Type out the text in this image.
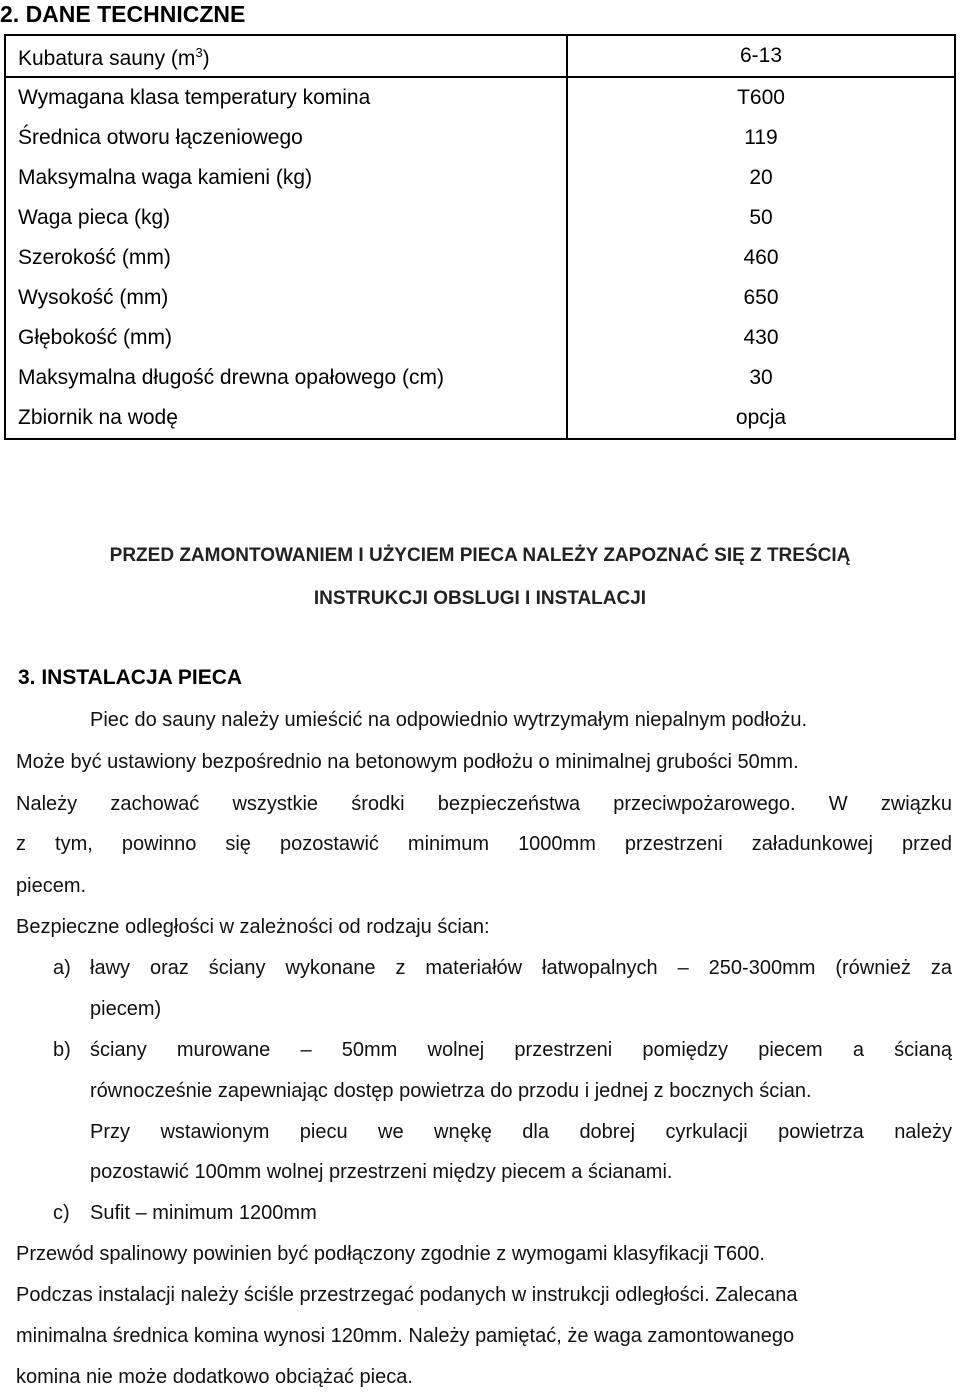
2. DANE TECHNICZNE
Kubatura sauny $(m^3)$	6-13
Wymagana klasa temperatury komina	T600
Średnica otworu łączeniowego	119
Maksymalna waga kamieni (kg)	20
Waga pieca (kg)	50
Szerokość (mm)	460
Wysokość (mm)	650
Głębokość (mm)	430
Maksymalna długość drewna opałowego (cm)	30
Zbiornik na wodę	opcja
PRZED ZAMONTOWANIEM I UŻYCIEM PIECA NALEŻY ZAPOZNAĆ SIĘ Z TREŚCIĄ
INSTRUKCJI OBSLUGI I INSTALACJI
3. INSTALACJA PIECA
Piec do sauny należy umieścić na odpowiednio wytrzymałym niepalnym podłożu.
Może być ustawiony bezpośrednio na betonowym podłożu o minimalnej grubości 50mm.
Należy zachować wszystkie środki bezpieczeństwa przeciwpożarowego. W związku
z tym, powinno się pozostawić minimum 1000mm przestrzeni załadunkowej przed
piecem.
Bezpieczne odległości w zależności od rodzaju ścian:
a) ławy oraz ściany wykonane z materiałów łatwopalnych – 250-300mm (również za
piecem)
b) ściany murowane – 50mm wolnej przestrzeni pomiędzy piecem a ścianą
równocześnie zapewniając dostęp powietrza do przodu i jednej z bocznych ścian.
Przy wstawionym piecu we wnękę dla dobrej cyrkulacji powietrza należy
pozostawić 100mm wolnej przestrzeni między piecem a ścianami.
c) Sufit – minimum 1200mm
Przewód spalinowy powinien być podłączony zgodnie z wymogami klasyfikacji T600.
Podczas instalacji należy ściśle przestrzegać podanych w instrukcji odległości. Zalecana
minimalna średnica komina wynosi 120mm. Należy pamiętać, że waga zamontowanego
komina nie może dodatkowo obciążać pieca.
